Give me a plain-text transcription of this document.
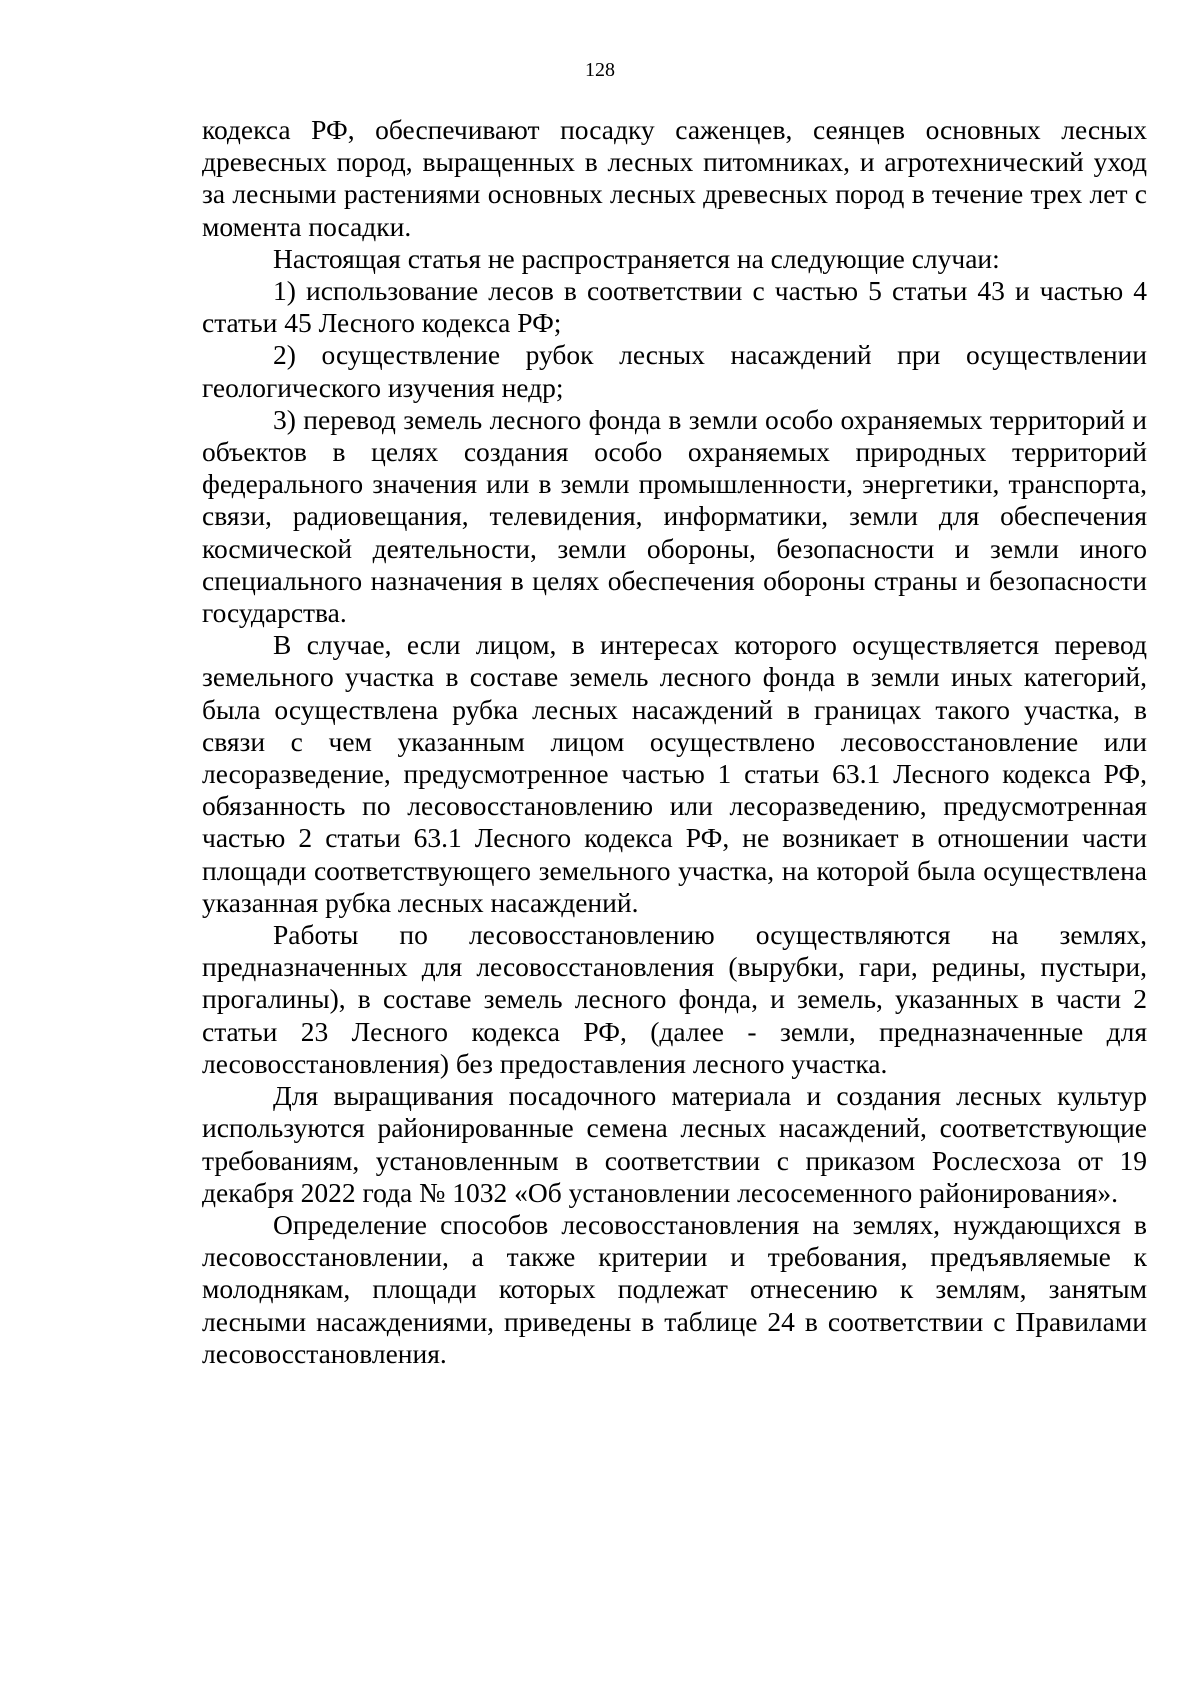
128

кодекса РФ, обеспечивают посадку саженцев, сеянцев основных лесных древесных пород, выращенных в лесных питомниках, и агротехнический уход за лесными растениями основных лесных древесных пород в течение трех лет с момента посадки.

Настоящая статья не распространяется на следующие случаи:

1) использование лесов в соответствии с частью 5 статьи 43 и частью 4 статьи 45 Лесного кодекса РФ;

2) осуществление рубок лесных насаждений при осуществлении геологического изучения недр;

3) перевод земель лесного фонда в земли особо охраняемых территорий и объектов в целях создания особо охраняемых природных территорий федерального значения или в земли промышленности, энергетики, транспорта, связи, радиовещания, телевидения, информатики, земли для обеспечения космической деятельности, земли обороны, безопасности и земли иного специального назначения в целях обеспечения обороны страны и безопасности государства.

В случае, если лицом, в интересах которого осуществляется перевод земельного участка в составе земель лесного фонда в земли иных категорий, была осуществлена рубка лесных насаждений в границах такого участка, в связи с чем указанным лицом осуществлено лесовосстановление или лесоразведение, предусмотренное частью 1 статьи 63.1 Лесного кодекса РФ, обязанность по лесовосстановлению или лесоразведению, предусмотренная частью 2 статьи 63.1 Лесного кодекса РФ, не возникает в отношении части площади соответствующего земельного участка, на которой была осуществлена указанная рубка лесных насаждений.

Работы по лесовосстановлению осуществляются на землях, предназначенных для лесовосстановления (вырубки, гари, редины, пустыри, прогалины), в составе земель лесного фонда, и земель, указанных в части 2 статьи 23 Лесного кодекса РФ, (далее - земли, предназначенные для лесовосстановления) без предоставления лесного участка.

Для выращивания посадочного материала и создания лесных культур используются районированные семена лесных насаждений, соответствующие требованиям, установленным в соответствии с приказом Рослесхоза от 19 декабря 2022 года № 1032 «Об установлении лесосеменного районирования».

Определение способов лесовосстановления на землях, нуждающихся в лесовосстановлении, а также критерии и требования, предъявляемые к молоднякам, площади которых подлежат отнесению к землям, занятым лесными насаждениями, приведены в таблице 24 в соответствии с Правилами лесовосстановления.
